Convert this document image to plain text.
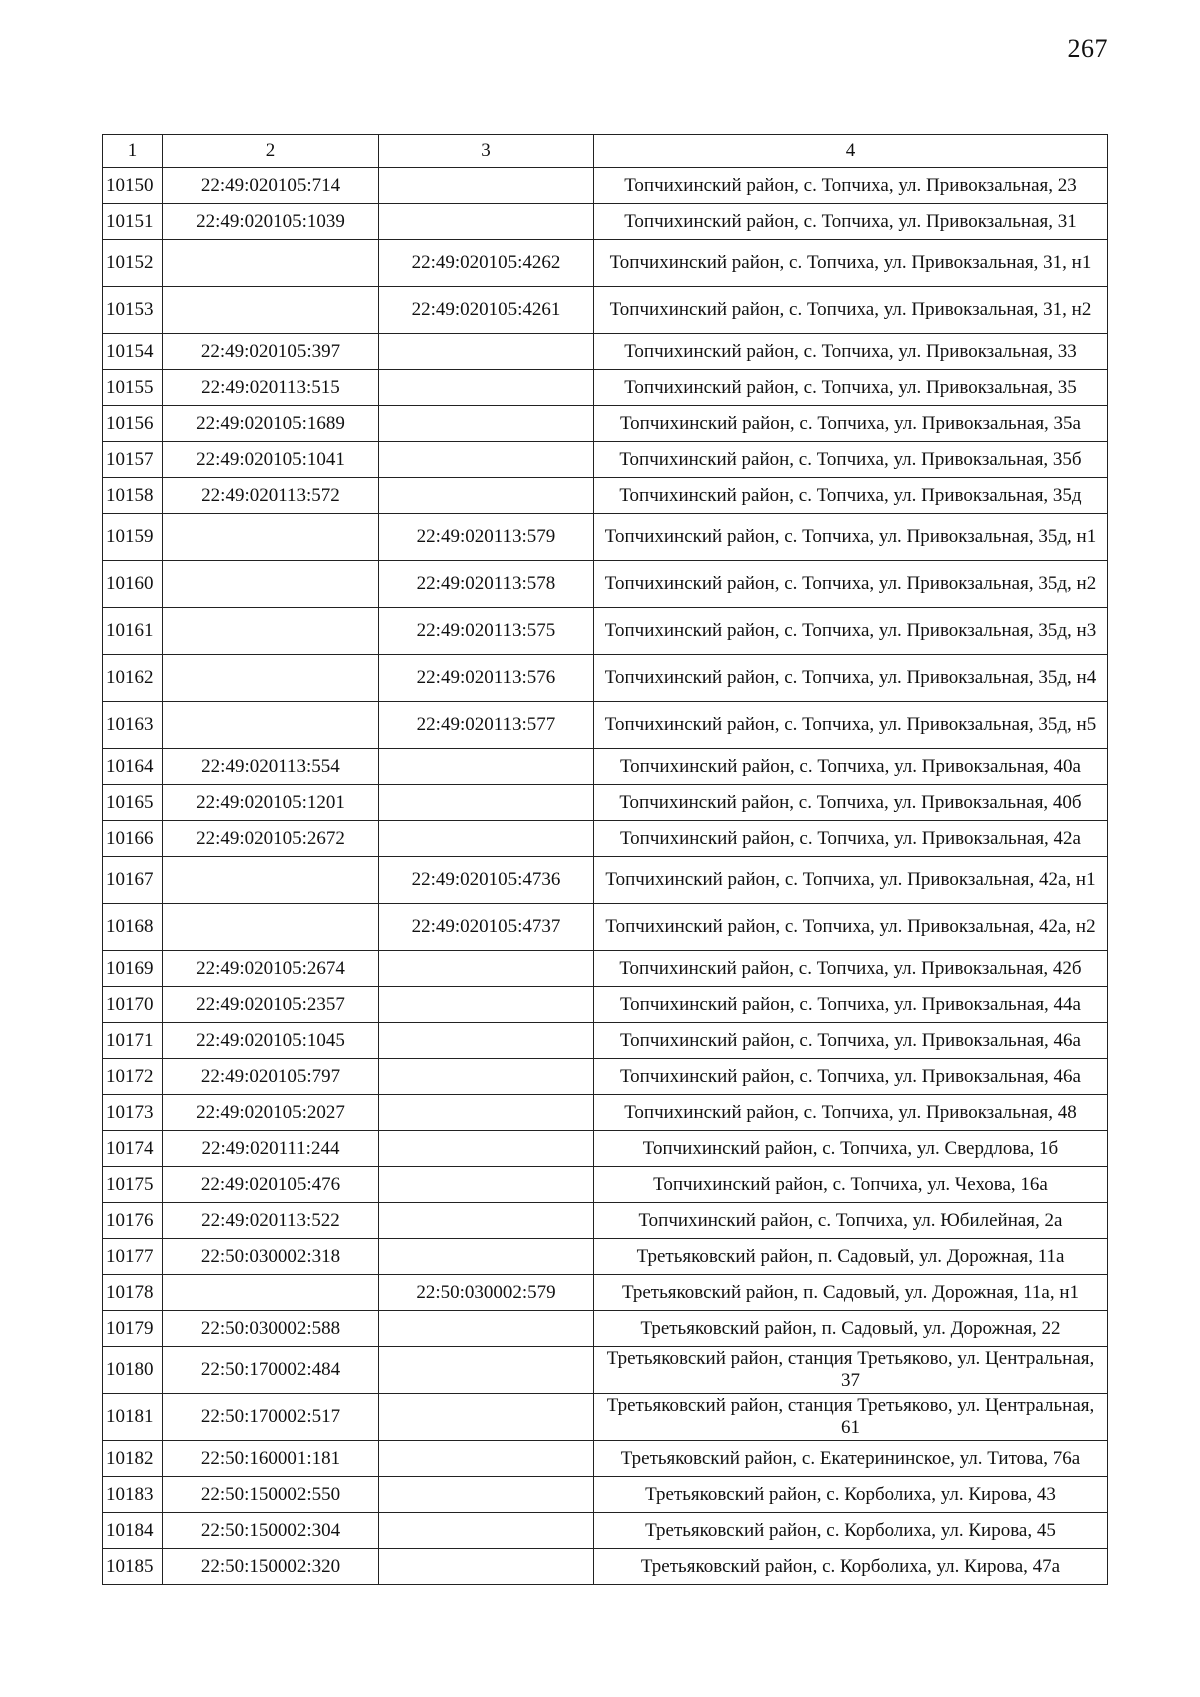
267
1	2	3	4
10150	22:49:020105:714		Топчихинский район, с. Топчиха, ул. Привокзальная, 23
10151	22:49:020105:1039		Топчихинский район, с. Топчиха, ул. Привокзальная, 31
10152		22:49:020105:4262	Топчихинский район, с. Топчиха, ул. Привокзальная, 31, н1
10153		22:49:020105:4261	Топчихинский район, с. Топчиха, ул. Привокзальная, 31, н2
10154	22:49:020105:397		Топчихинский район, с. Топчиха, ул. Привокзальная, 33
10155	22:49:020113:515		Топчихинский район, с. Топчиха, ул. Привокзальная, 35
10156	22:49:020105:1689		Топчихинский район, с. Топчиха, ул. Привокзальная, 35а
10157	22:49:020105:1041		Топчихинский район, с. Топчиха, ул. Привокзальная, 35б
10158	22:49:020113:572		Топчихинский район, с. Топчиха, ул. Привокзальная, 35д
10159		22:49:020113:579	Топчихинский район, с. Топчиха, ул. Привокзальная, 35д, н1
10160		22:49:020113:578	Топчихинский район, с. Топчиха, ул. Привокзальная, 35д, н2
10161		22:49:020113:575	Топчихинский район, с. Топчиха, ул. Привокзальная, 35д, н3
10162		22:49:020113:576	Топчихинский район, с. Топчиха, ул. Привокзальная, 35д, н4
10163		22:49:020113:577	Топчихинский район, с. Топчиха, ул. Привокзальная, 35д, н5
10164	22:49:020113:554		Топчихинский район, с. Топчиха, ул. Привокзальная, 40а
10165	22:49:020105:1201		Топчихинский район, с. Топчиха, ул. Привокзальная, 40б
10166	22:49:020105:2672		Топчихинский район, с. Топчиха, ул. Привокзальная, 42а
10167		22:49:020105:4736	Топчихинский район, с. Топчиха, ул. Привокзальная, 42а, н1
10168		22:49:020105:4737	Топчихинский район, с. Топчиха, ул. Привокзальная, 42а, н2
10169	22:49:020105:2674		Топчихинский район, с. Топчиха, ул. Привокзальная, 42б
10170	22:49:020105:2357		Топчихинский район, с. Топчиха, ул. Привокзальная, 44а
10171	22:49:020105:1045		Топчихинский район, с. Топчиха, ул. Привокзальная, 46а
10172	22:49:020105:797		Топчихинский район, с. Топчиха, ул. Привокзальная, 46а
10173	22:49:020105:2027		Топчихинский район, с. Топчиха, ул. Привокзальная, 48
10174	22:49:020111:244		Топчихинский район, с. Топчиха, ул. Свердлова, 1б
10175	22:49:020105:476		Топчихинский район, с. Топчиха, ул. Чехова, 16а
10176	22:49:020113:522		Топчихинский район, с. Топчиха, ул. Юбилейная, 2а
10177	22:50:030002:318		Третьяковский район, п. Садовый, ул. Дорожная, 11а
10178		22:50:030002:579	Третьяковский район, п. Садовый, ул. Дорожная, 11а, н1
10179	22:50:030002:588		Третьяковский район, п. Садовый, ул. Дорожная, 22
10180	22:50:170002:484		Третьяковский район, станция Третьяково, ул. Центральная, 37
10181	22:50:170002:517		Третьяковский район, станция Третьяково, ул. Центральная, 61
10182	22:50:160001:181		Третьяковский район, с. Екатерининское, ул. Титова, 76а
10183	22:50:150002:550		Третьяковский район, с. Корболиха, ул. Кирова, 43
10184	22:50:150002:304		Третьяковский район, с. Корболиха, ул. Кирова, 45
10185	22:50:150002:320		Третьяковский район, с. Корболиха, ул. Кирова, 47а
